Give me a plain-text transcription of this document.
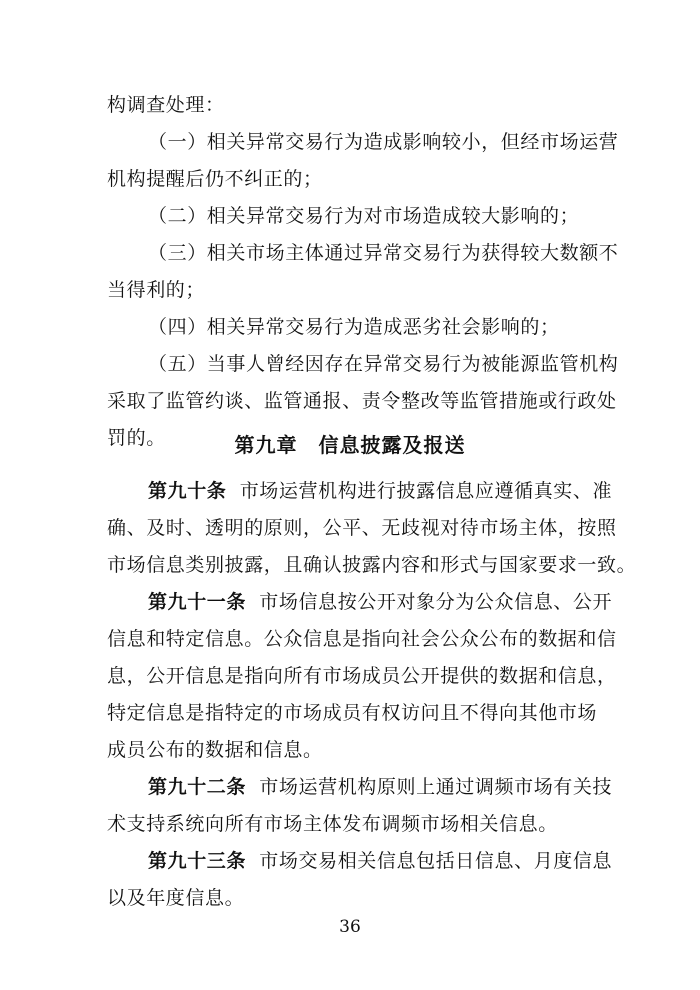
构调查处理：
（一）相关异常交易行为造成影响较小，但经市场运营
机构提醒后仍不纠正的；
（二）相关异常交易行为对市场造成较大影响的；
（三）相关市场主体通过异常交易行为获得较大数额不
当得利的；
（四）相关异常交易行为造成恶劣社会影响的；
（五）当事人曾经因存在异常交易行为被能源监管机构
采取了监管约谈、监管通报、责令整改等监管措施或行政处
罚的。	第九章　信息披露及报送
第九十条 市场运营机构进行披露信息应遵循真实、准
确、及时、透明的原则，公平、无歧视对待市场主体，按照
市场信息类别披露，且确认披露内容和形式与国家要求一致。
第九十一条 市场信息按公开对象分为公众信息、公开
信息和特定信息。公众信息是指向社会公众公布的数据和信
息，公开信息是指向所有市场成员公开提供的数据和信息，
特定信息是指特定的市场成员有权访问且不得向其他市场
成员公布的数据和信息。
第九十二条 市场运营机构原则上通过调频市场有关技
术支持系统向所有市场主体发布调频市场相关信息。
第九十三条 市场交易相关信息包括日信息、月度信息
以及年度信息。
36
